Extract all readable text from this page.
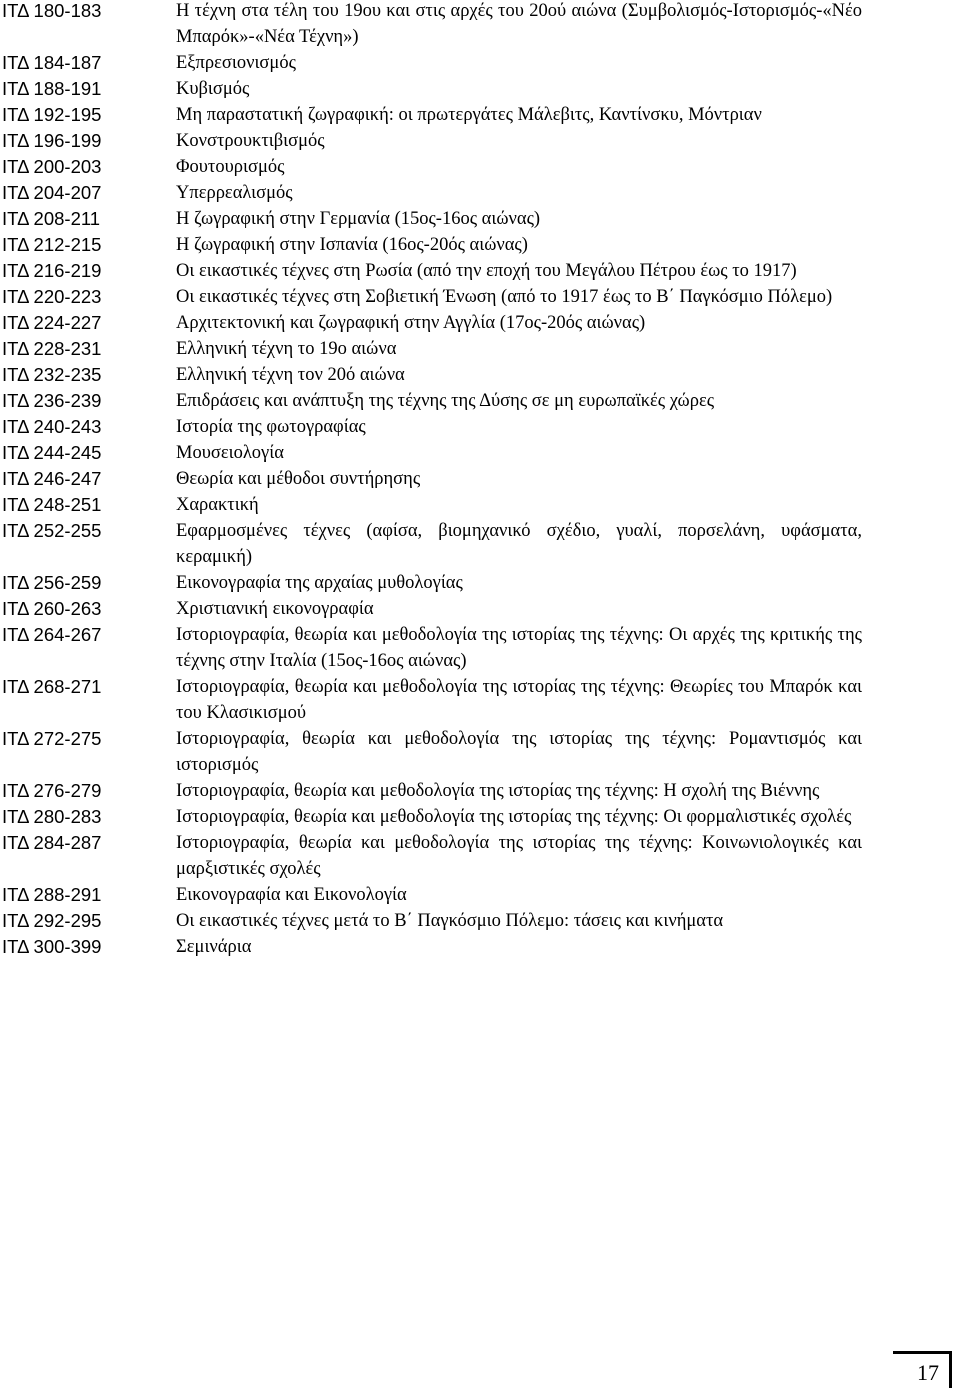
ΙΤΔ 180-183	Η τέχνη στα τέλη του 19ου και στις αρχές του 20ού αιώνα (Συμβολισμός-Ιστορισμός-«Νέο Μπαρόκ»-«Νέα Τέχνη»)
ΙΤΔ 184-187	Εξπρεσιονισμός
ΙΤΔ 188-191	Κυβισμός
ΙΤΔ 192-195	Μη παραστατική ζωγραφική: οι πρωτεργάτες Μάλεβιτς, Καντίνσκυ, Μόντριαν
ΙΤΔ 196-199	Κονστρουκτιβισμός
ΙΤΔ 200-203	Φουτουρισμός
ΙΤΔ 204-207	Υπερρεαλισμός
ΙΤΔ 208-211	Η ζωγραφική στην Γερμανία (15ος-16ος αιώνας)
ΙΤΔ 212-215	Η ζωγραφική στην Ισπανία (16ος-20ός αιώνας)
ΙΤΔ 216-219	Οι εικαστικές τέχνες στη Ρωσία (από την εποχή του Μεγάλου Πέτρου έως το 1917)
ΙΤΔ 220-223	Οι εικαστικές τέχνες στη Σοβιετική Ένωση (από το 1917 έως το Β΄ Παγκόσμιο Πόλεμο)
ΙΤΔ 224-227	Αρχιτεκτονική και ζωγραφική στην Αγγλία (17ος-20ός αιώνας)
ΙΤΔ 228-231	Ελληνική τέχνη το 19ο αιώνα
ΙΤΔ 232-235	Ελληνική τέχνη τον 20ό αιώνα
ΙΤΔ 236-239	Επιδράσεις και ανάπτυξη της τέχνης της Δύσης σε μη ευρωπαϊκές χώρες
ΙΤΔ 240-243	Ιστορία της φωτογραφίας
ΙΤΔ 244-245	Μουσειολογία
ΙΤΔ 246-247	Θεωρία και μέθοδοι συντήρησης
ΙΤΔ 248-251	Χαρακτική
ΙΤΔ 252-255	Εφαρμοσμένες τέχνες (αφίσα, βιομηχανικό σχέδιο, γυαλί, πορσελάνη, υφάσματα, κεραμική)
ΙΤΔ 256-259	Εικονογραφία της αρχαίας μυθολογίας
ΙΤΔ 260-263	Χριστιανική εικονογραφία
ΙΤΔ 264-267	Ιστοριογραφία, θεωρία και μεθοδολογία της ιστορίας της τέχνης: Οι αρχές της κριτικής της τέχνης στην Ιταλία (15ος-16ος αιώνας)
ΙΤΔ 268-271	Ιστοριογραφία, θεωρία και μεθοδολογία της ιστορίας της τέχνης: Θεωρίες του Μπαρόκ και του Κλασικισμού
ΙΤΔ 272-275	Ιστοριογραφία, θεωρία και μεθοδολογία της ιστορίας της τέχνης: Ρομαντισμός και ιστορισμός
ΙΤΔ 276-279	Ιστοριογραφία, θεωρία και μεθοδολογία της ιστορίας της τέχνης: Η σχολή της Βιέννης
ΙΤΔ 280-283	Ιστοριογραφία, θεωρία και μεθοδολογία της ιστορίας της τέχνης: Οι φορμαλιστικές σχολές
ΙΤΔ 284-287	Ιστοριογραφία, θεωρία και μεθοδολογία της ιστορίας της τέχνης: Κοινωνιολογικές και μαρξιστικές σχολές
ΙΤΔ 288-291	Εικονογραφία και Εικονολογία
ΙΤΔ 292-295	Οι εικαστικές τέχνες μετά το Β΄ Παγκόσμιο Πόλεμο: τάσεις και κινήματα
ΙΤΔ 300-399	Σεμινάρια
17
